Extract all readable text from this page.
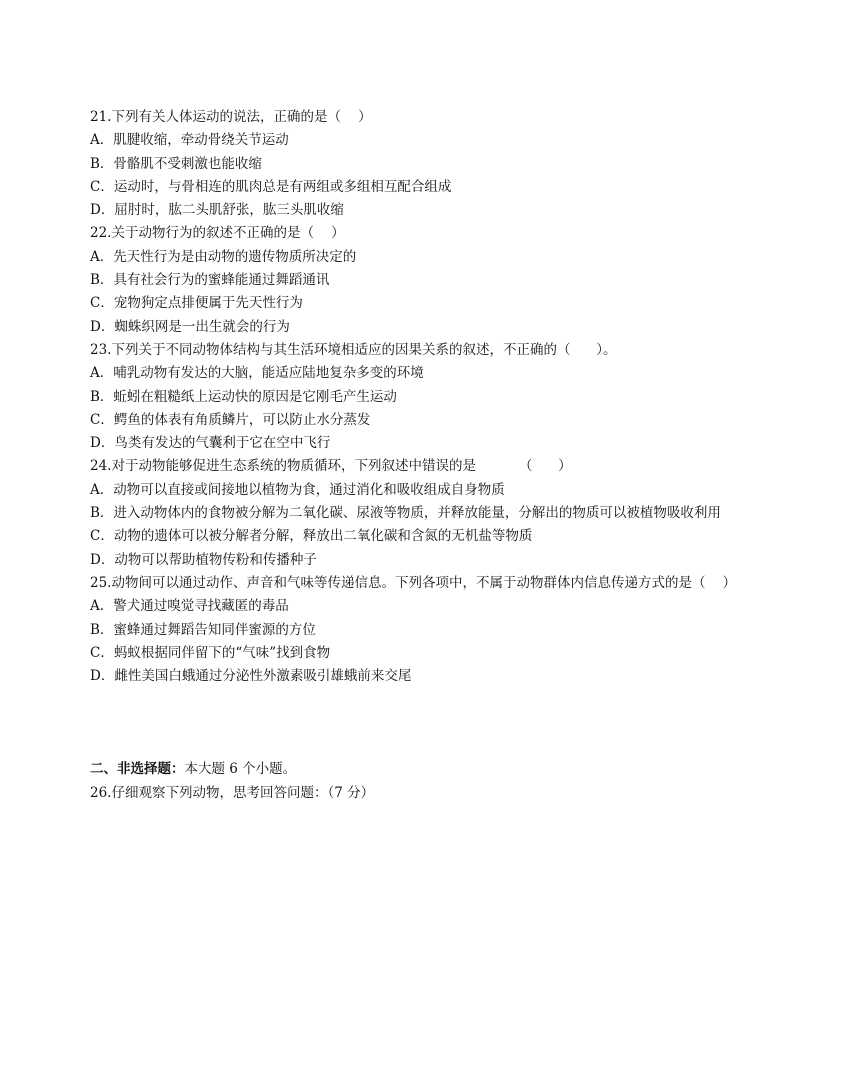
21.下列有关人体运动的说法，正确的是（    ）
A．肌腱收缩，牵动骨绕关节运动
B．骨骼肌不受刺激也能收缩
C．运动时，与骨相连的肌肉总是有两组或多组相互配合组成
D．屈肘时，肱二头肌舒张，肱三头肌收缩
22.关于动物行为的叙述不正确的是（    ）
A．先天性行为是由动物的遗传物质所决定的
B．具有社会行为的蜜蜂能通过舞蹈通讯
C．宠物狗定点排便属于先天性行为
D．蜘蛛织网是一出生就会的行为
23.下列关于不同动物体结构与其生活环境相适应的因果关系的叙述，不正确的（      ）。
A．哺乳动物有发达的大脑，能适应陆地复杂多变的环境
B．蚯蚓在粗糙纸上运动快的原因是它刚毛产生运动
C．鳄鱼的体表有角质鳞片，可以防止水分蒸发
D．鸟类有发达的气囊利于它在空中飞行
24.对于动物能够促进生态系统的物质循环，下列叙述中错误的是          （      ）
A．动物可以直接或间接地以植物为食，通过消化和吸收组成自身物质
B．进入动物体内的食物被分解为二氧化碳、尿液等物质，并释放能量，分解出的物质可以被植物吸收利用
C．动物的遗体可以被分解者分解，释放出二氧化碳和含氮的无机盐等物质
D．动物可以帮助植物传粉和传播种子
25.动物间可以通过动作、声音和气味等传递信息。下列各项中，不属于动物群体内信息传递方式的是（    ）
A．警犬通过嗅觉寻找藏匿的毒品
B．蜜蜂通过舞蹈告知同伴蜜源的方位
C．蚂蚁根据同伴留下的“气味”找到食物
D．雌性美国白蛾通过分泌性外激素吸引雄蛾前来交尾
二、非选择题：本大题 6 个小题。
26.仔细观察下列动物，思考回答问题：（7 分）
